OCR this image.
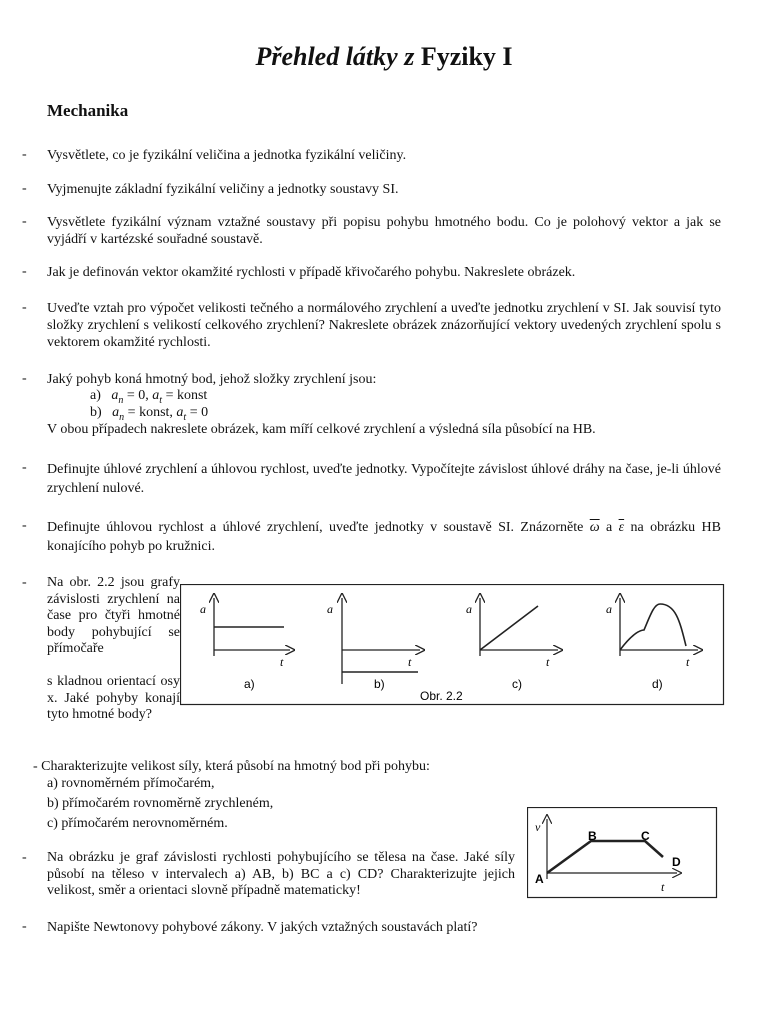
Přehled látky z Fyziky I
Mechanika
-
-
-
-
-
-
-
-
-
-
-
Vysvětlete, co je fyzikální veličina a jednotka fyzikální veličiny.
Vyjmenujte základní fyzikální veličiny a jednotky soustavy SI.
Vysvětlete fyzikální význam vztažné soustavy při popisu pohybu hmotného bodu. Co je polohový vektor a jak se vyjádří v kartézské souřadné soustavě.
Jak je definován vektor okamžité rychlosti v případě křivočarého pohybu. Nakreslete obrázek.
Uveďte vztah pro výpočet velikosti tečného a normálového zrychlení a uveďte jednotku zrychlení v SI. Jak souvisí tyto složky zrychlení s velikostí celkového zrychlení? Nakreslete obrázek znázorňující vektory uvedených zrychlení spolu s vektorem okamžité rychlosti.
Jaký pohyb koná hmotný bod, jehož složky zrychlení jsou:
a) $a_n = 0$, $a_t$ = konst
b) $a_n$ = konst, $a_t = 0$
V obou případech nakreslete obrázek, kam míří celkové zrychlení a výsledná síla působící na HB.
Definujte úhlové zrychlení a úhlovou rychlost, uveďte jednotky. Vypočítejte závislost úhlové dráhy na čase, je-li úhlové zrychlení nulové.
Definujte úhlovou rychlost a úhlové zrychlení, uveďte jednotky v soustavě SI. Znázorněte $\overline{\omega}$ a $\overline{\varepsilon}$ na obrázku HB konajícího pohyb po kružnici.
Na obr. 2.2 jsou grafy závislosti zrychlení na čase pro čtyři hmotné body pohybující se přímočaře
s kladnou orientací osy x. Jaké pohyby konají tyto hmotné body?
a
t
a)
a
t
b)
a
t
c)
a
t
d)
Obr. 2.2
- Charakterizujte velikost síly, která působí na hmotný bod při pohybu:
a) rovnoměrném přímočarém,
b) přímočarém rovnoměrně zrychleném,
c) přímočarém nerovnoměrném.	v
t
A
B	C
D
Na obrázku je graf závislosti rychlosti pohybujícího se tělesa na čase. Jaké síly působí na těleso v intervalech a) AB, b) BC a c) CD? Charakterizujte jejich velikost, směr a orientaci slovně případně matematicky!
Napište Newtonovy pohybové zákony. V jakých vztažných soustavách platí?
